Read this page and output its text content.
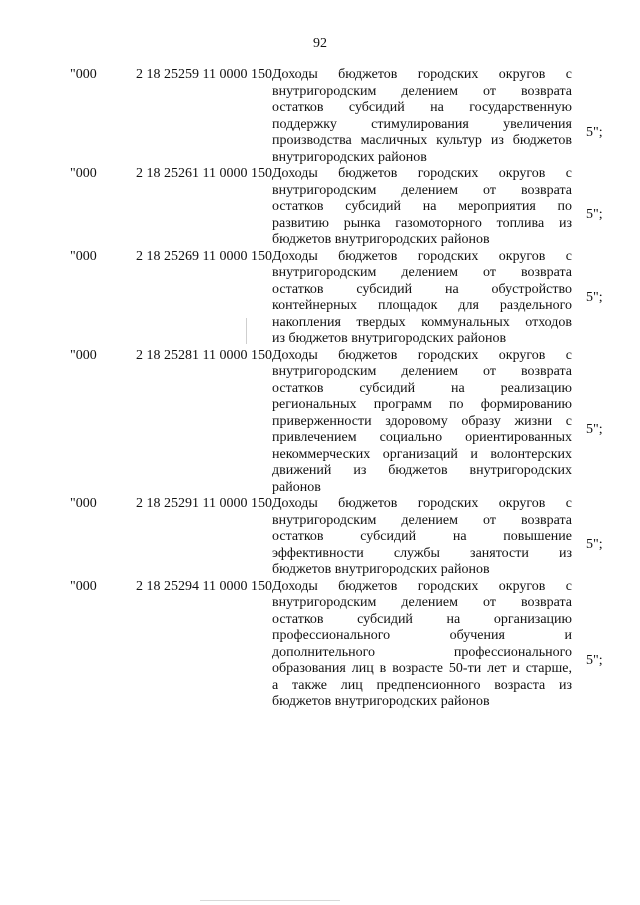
92
"000	2 18 25259 11 0000 150 Доходы бюджетов городских округов с
внутригородским делением от возврата
остатков субсидий на государственную
поддержку стимулирования увеличения
производства масличных культур из бюджетов
внутригородских районов
5";
"000	2 18 25261 11 0000 150 Доходы бюджетов городских округов с
внутригородским делением от возврата
остатков субсидий на мероприятия по
развитию рынка газомоторного топлива из
бюджетов внутригородских районов
5";
"000	2 18 25269 11 0000 150 Доходы бюджетов городских округов с
внутригородским делением от возврата
остатков субсидий на обустройство
контейнерных площадок для раздельного
накопления твердых коммунальных отходов
из бюджетов внутригородских районов
5";
"000	2 18 25281 11 0000 150 Доходы бюджетов городских округов с
внутригородским делением от возврата
остатков субсидий на реализацию
региональных программ по формированию
приверженности здоровому образу жизни с
привлечением социально ориентированных
некоммерческих организаций и волонтерских
движений из бюджетов внутригородских
районов
5";
"000	2 18 25291 11 0000 150 Доходы бюджетов городских округов с
внутригородским делением от возврата
остатков субсидий на повышение
эффективности службы занятости из
бюджетов внутригородских районов
5";
"000	2 18 25294 11 0000 150 Доходы бюджетов городских округов с
внутригородским делением от возврата
остатков субсидий на организацию
профессионального обучения и
дополнительного профессионального
образования лиц в возрасте 50-ти лет и старше,
а также лиц предпенсионного возраста из
бюджетов внутригородских районов
5";
